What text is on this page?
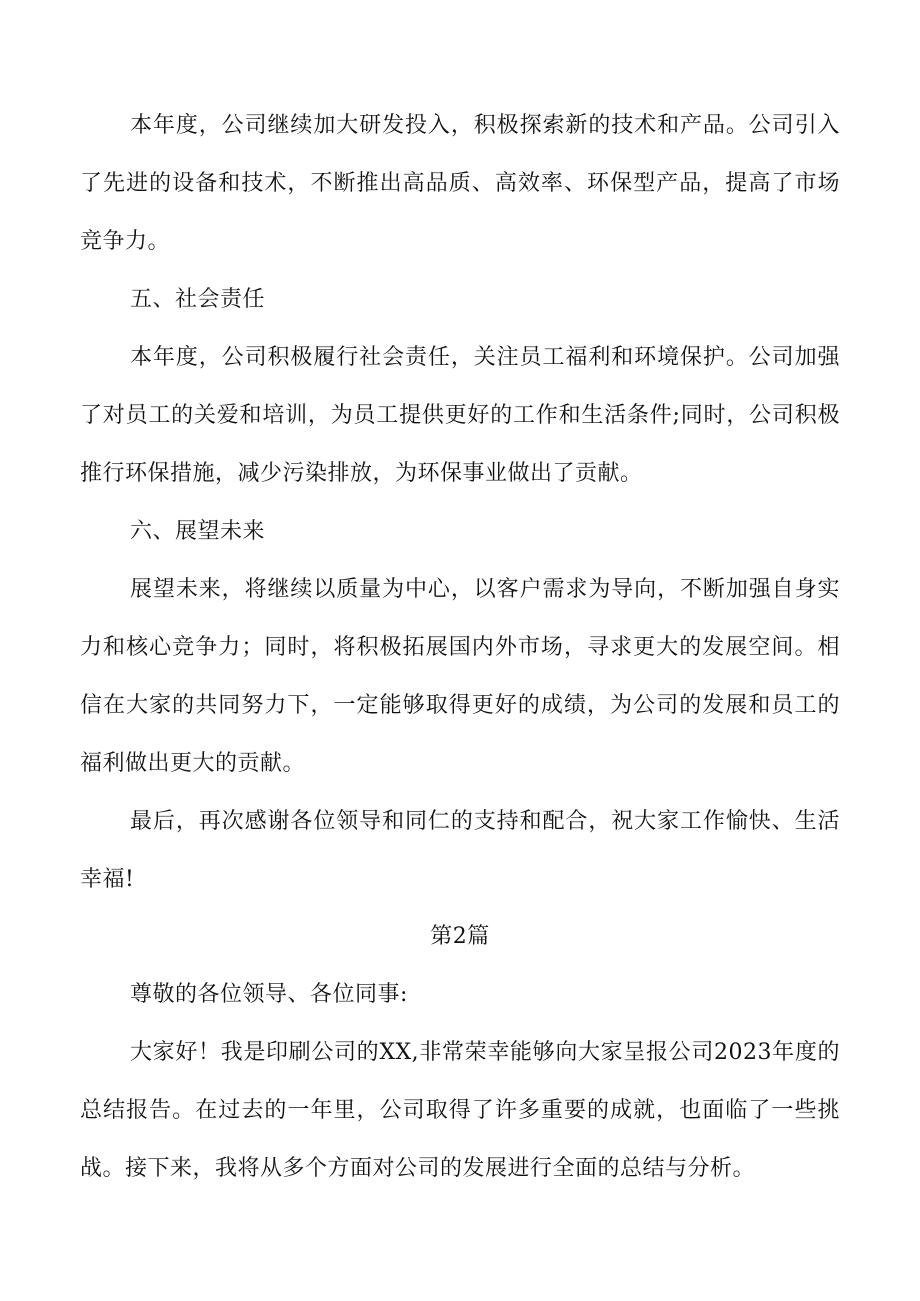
本年度，公司继续加大研发投入，积极探索新的技术和产品。公司引入了先进的设备和技术，不断推出高品质、高效率、环保型产品，提高了市场竞争力。

五、社会责任

本年度，公司积极履行社会责任，关注员工福利和环境保护。公司加强了对员工的关爱和培训，为员工提供更好的工作和生活条件;同时，公司积极推行环保措施，减少污染排放，为环保事业做出了贡献。

六、展望未来

展望未来，将继续以质量为中心，以客户需求为导向，不断加强自身实力和核心竞争力；同时，将积极拓展国内外市场，寻求更大的发展空间。相信在大家的共同努力下，一定能够取得更好的成绩，为公司的发展和员工的福利做出更大的贡献。

最后，再次感谢各位领导和同仁的支持和配合，祝大家工作愉快、生活幸福!

第2篇

尊敬的各位领导、各位同事:

大家好！我是印刷公司的XX,非常荣幸能够向大家呈报公司2023年度的总结报告。在过去的一年里，公司取得了许多重要的成就，也面临了一些挑战。接下来，我将从多个方面对公司的发展进行全面的总结与分析。
